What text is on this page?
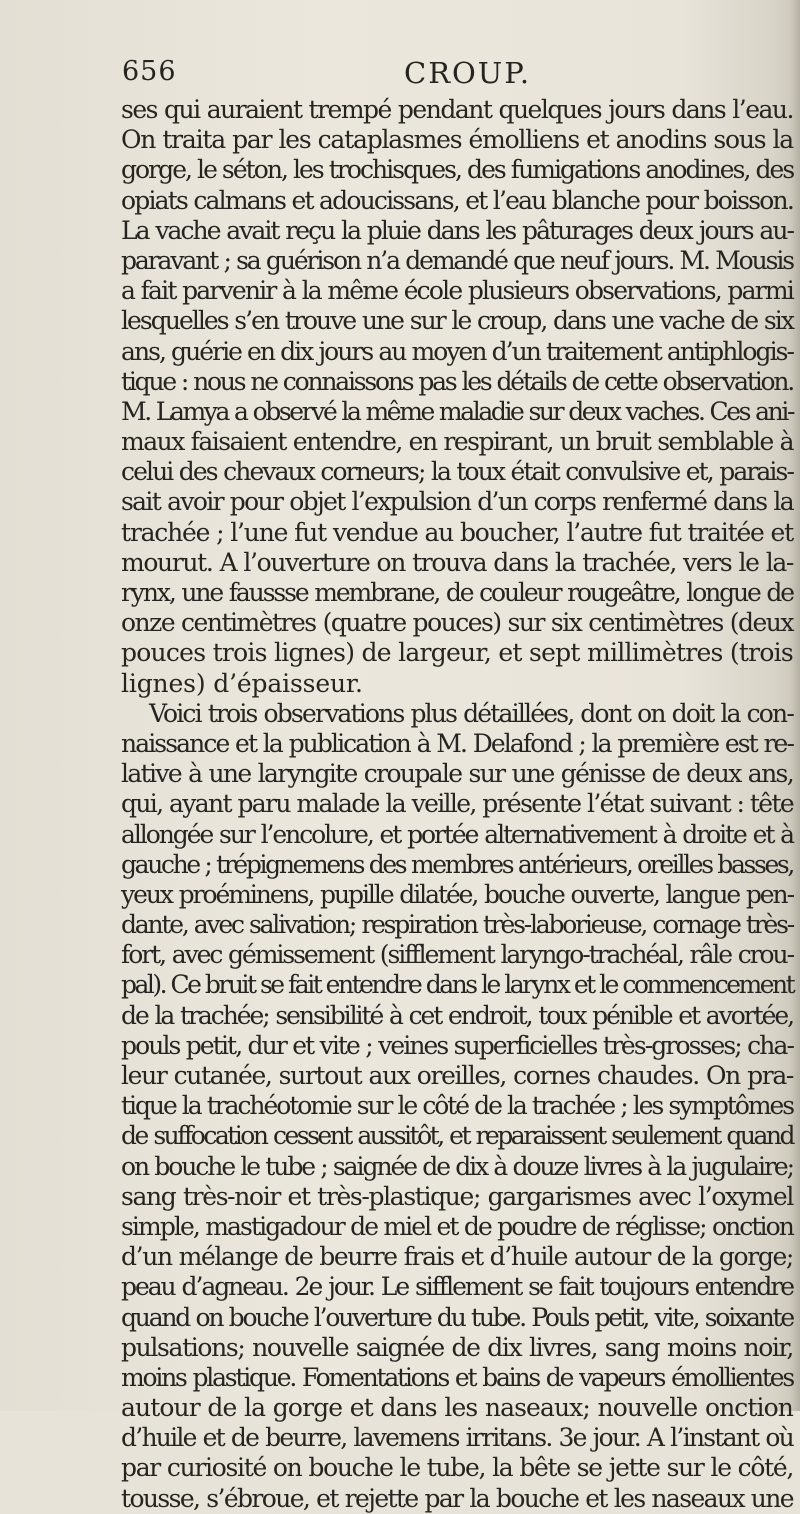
656	CROUP.
ses qui auraient trempé pendant quelques jours dans l’eau.
On traita par les cataplasmes émolliens et anodins sous la
gorge, le séton, les trochisques, des fumigations anodines, des
opiats calmans et adoucissans, et l’eau blanche pour boisson.
La vache avait reçu la pluie dans les pâturages deux jours au-
paravant ; sa guérison n’a demandé que neuf jours. M. Mousis
a fait parvenir à la même école plusieurs observations, parmi
lesquelles s’en trouve une sur le croup, dans une vache de six
ans, guérie en dix jours au moyen d’un traitement antiphlogis-
tique : nous ne connaissons pas les détails de cette observation.
M. Lamya a observé la même maladie sur deux vaches. Ces ani-
maux faisaient entendre, en respirant, un bruit semblable à
celui des chevaux corneurs; la toux était convulsive et, parais-
sait avoir pour objet l’expulsion d’un corps renfermé dans la
trachée ; l’une fut vendue au boucher, l’autre fut traitée et
mourut. A l’ouverture on trouva dans la trachée, vers le la-
rynx, une faussse membrane, de couleur rougeâtre, longue de
onze centimètres (quatre pouces) sur six centimètres (deux
pouces trois lignes) de largeur, et sept millimètres (trois
lignes) d’épaisseur.
Voici trois observations plus détaillées, dont on doit la con-
naissance et la publication à M. Delafond ; la première est re-
lative à une laryngite croupale sur une génisse de deux ans,
qui, ayant paru malade la veille, présente l’état suivant : tête
allongée sur l’encolure, et portée alternativement à droite et à
gauche ; trépignemens des membres antérieurs, oreilles basses,
yeux proéminens, pupille dilatée, bouche ouverte, langue pen-
dante, avec salivation; respiration très-laborieuse, cornage très-
fort, avec gémissement (sifflement laryngo-trachéal, râle crou-
pal). Ce bruit se fait entendre dans le larynx et le commencement
de la trachée; sensibilité à cet endroit, toux pénible et avortée,
pouls petit, dur et vite ; veines superficielles très-grosses; cha-
leur cutanée, surtout aux oreilles, cornes chaudes. On pra-
tique la trachéotomie sur le côté de la trachée ; les symptômes
de suffocation cessent aussitôt, et reparaissent seulement quand
on bouche le tube ; saignée de dix à douze livres à la jugulaire;
sang très-noir et très-plastique; gargarismes avec l’oxymel
simple, mastigadour de miel et de poudre de réglisse; onction
d’un mélange de beurre frais et d’huile autour de la gorge;
peau d’agneau. 2e jour. Le sifflement se fait toujours entendre
quand on bouche l’ouverture du tube. Pouls petit, vite, soixante
pulsations; nouvelle saignée de dix livres, sang moins noir,
moins plastique. Fomentations et bains de vapeurs émollientes
autour de la gorge et dans les naseaux; nouvelle onction
d’huile et de beurre, lavemens irritans. 3e jour. A l’instant où
par curiosité on bouche le tube, la bête se jette sur le côté,
tousse, s’ébroue, et rejette par la bouche et les naseaux une
